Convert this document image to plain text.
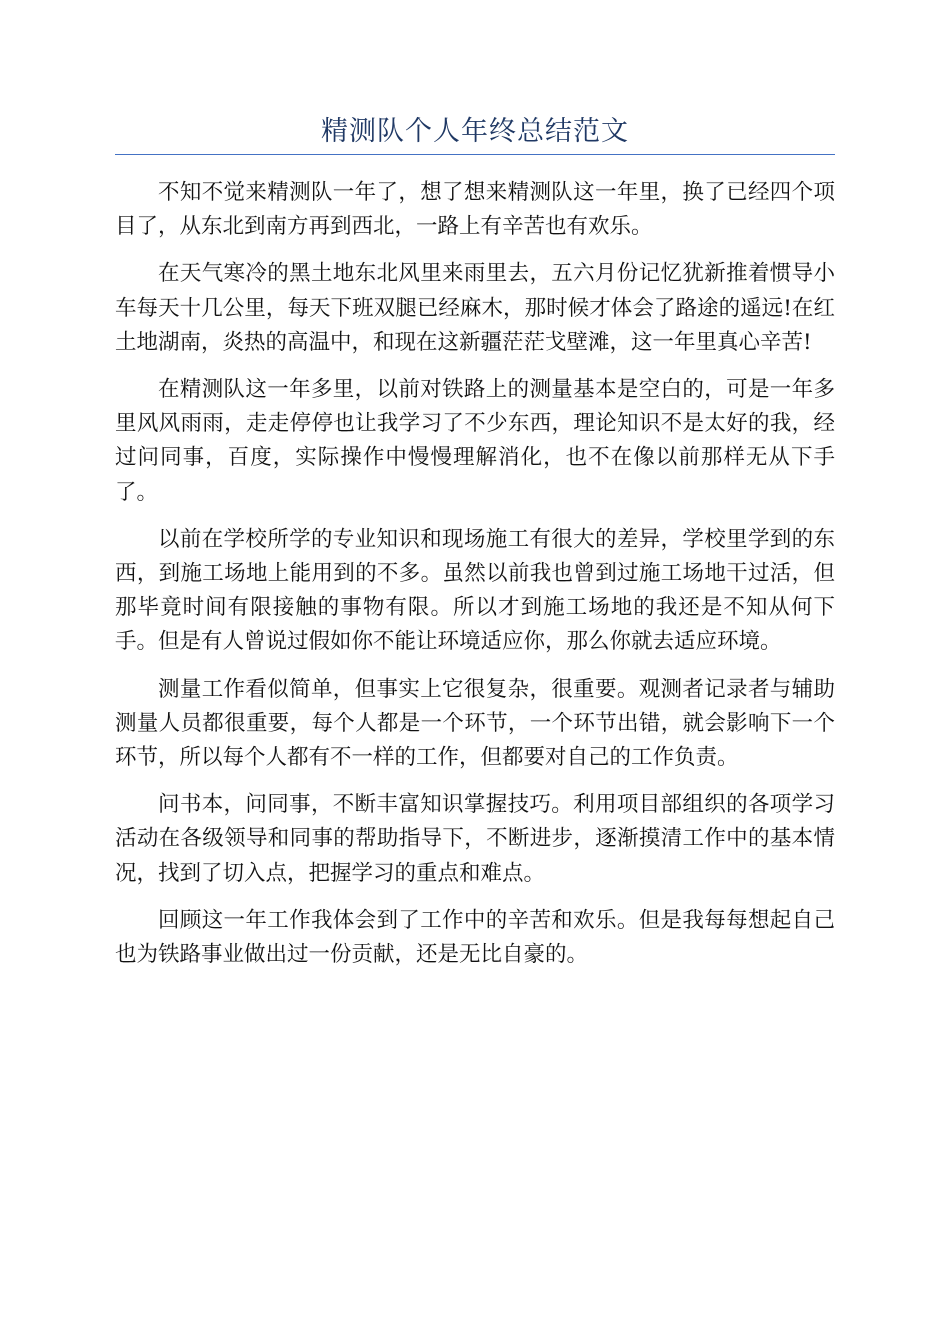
精测队个人年终总结范文

不知不觉来精测队一年了，想了想来精测队这一年里，换了已经四个项目了，从东北到南方再到西北，一路上有辛苦也有欢乐。

在天气寒冷的黑土地东北风里来雨里去，五六月份记忆犹新推着惯导小车每天十几公里，每天下班双腿已经麻木，那时候才体会了路途的遥远!在红土地湖南，炎热的高温中，和现在这新疆茫茫戈壁滩，这一年里真心辛苦!

在精测队这一年多里，以前对铁路上的测量基本是空白的，可是一年多里风风雨雨，走走停停也让我学习了不少东西，理论知识不是太好的我，经过问同事，百度，实际操作中慢慢理解消化，也不在像以前那样无从下手了。

以前在学校所学的专业知识和现场施工有很大的差异，学校里学到的东西，到施工场地上能用到的不多。虽然以前我也曾到过施工场地干过活，但那毕竟时间有限接触的事物有限。所以才到施工场地的我还是不知从何下手。但是有人曾说过假如你不能让环境适应你，那么你就去适应环境。

测量工作看似简单，但事实上它很复杂，很重要。观测者记录者与辅助测量人员都很重要，每个人都是一个环节，一个环节出错，就会影响下一个环节，所以每个人都有不一样的工作，但都要对自己的工作负责。

问书本，问同事，不断丰富知识掌握技巧。利用项目部组织的各项学习活动在各级领导和同事的帮助指导下，不断进步，逐渐摸清工作中的基本情况，找到了切入点，把握学习的重点和难点。

回顾这一年工作我体会到了工作中的辛苦和欢乐。但是我每每想起自己也为铁路事业做出过一份贡献，还是无比自豪的。
